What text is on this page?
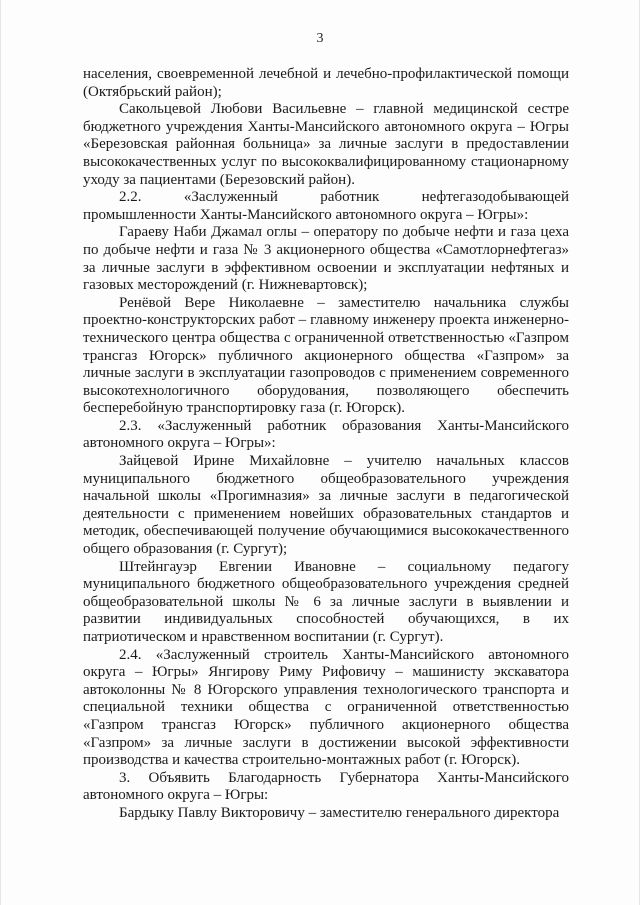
3

населения, своевременной лечебной и лечебно-профилактической помощи (Октябрьский район);

Сакольцевой Любови Васильевне – главной медицинской сестре бюджетного учреждения Ханты-Мансийского автономного округа – Югры «Березовская районная больница» за личные заслуги в предоставлении высококачественных услуг по высококвалифицированному стационарному уходу за пациентами (Березовский район).

2.2. «Заслуженный работник нефтегазодобывающей промышленности Ханты-Мансийского автономного округа – Югры»:

Гараеву Наби Джамал оглы – оператору по добыче нефти и газа цеха по добыче нефти и газа № 3 акционерного общества «Самотлорнефтегаз» за личные заслуги в эффективном освоении и эксплуатации нефтяных и газовых месторождений (г. Нижневартовск);

Ренёвой Вере Николаевне – заместителю начальника службы проектно-конструкторских работ – главному инженеру проекта инженерно-технического центра общества с ограниченной ответственностью «Газпром трансгаз Югорск» публичного акционерного общества «Газпром» за личные заслуги в эксплуатации газопроводов с применением современного высокотехнологичного оборудования, позволяющего обеспечить бесперебойную транспортировку газа (г. Югорск).

2.3. «Заслуженный работник образования Ханты-Мансийского автономного округа – Югры»:

Зайцевой Ирине Михайловне – учителю начальных классов муниципального бюджетного общеобразовательного учреждения начальной школы «Прогимназия» за личные заслуги в педагогической деятельности с применением новейших образовательных стандартов и методик, обеспечивающей получение обучающимися высококачественного общего образования (г. Сургут);

Штейнгауэр Евгении Ивановне – социальному педагогу муниципального бюджетного общеобразовательного учреждения средней общеобразовательной школы № 6 за личные заслуги в выявлении и развитии индивидуальных способностей обучающихся, в их патриотическом и нравственном воспитании (г. Сургут).

2.4. «Заслуженный строитель Ханты-Мансийского автономного округа – Югры» Янгирову Риму Рифовичу – машинисту экскаватора автоколонны № 8 Югорского управления технологического транспорта и специальной техники общества с ограниченной ответственностью «Газпром трансгаз Югорск» публичного акционерного общества «Газпром» за личные заслуги в достижении высокой эффективности производства и качества строительно-монтажных работ (г. Югорск).

3. Объявить Благодарность Губернатора Ханты-Мансийского автономного округа – Югры:

Бардыку Павлу Викторовичу – заместителю генерального директора
